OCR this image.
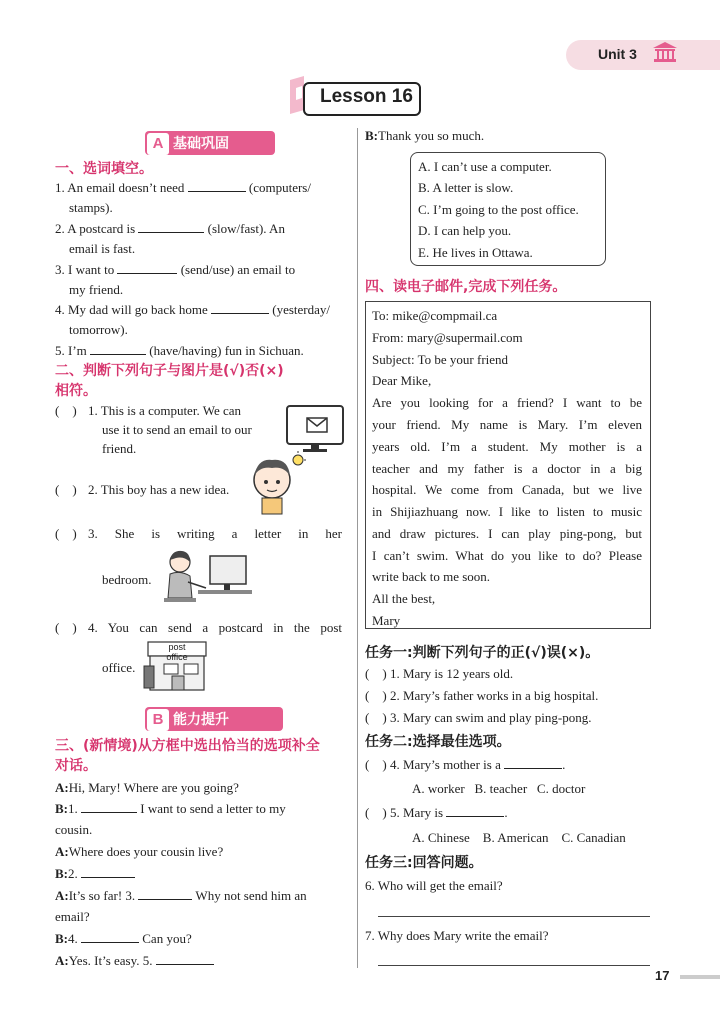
Unit 3
Lesson 16
A 基础巩固
一、选词填空。
1. An email doesn’t need	(computers/
stamps).
2. A postcard is	(slow/fast). An
email is fast.
3. I want to	(send/use) an email to
my friend.
4. My dad will go back home	(yesterday/
tomorrow).
5. I’m	(have/having) fun in Sichuan.
二、判断下列句子与图片是(√)否(×)
相符。
( ) 1. This is a computer. We can
use it to send an email to our
friend.
( ) 2. This boy has a new idea.
( ) 3. She is writing a letter in her
bedroom.
( ) 4. You can send a postcard in the post
office.
post office
B 能力提升
三、(新情境)从方框中选出恰当的选项补全
对话。
A:Hi, Mary! Where are you going?
B:1.	I want to send a letter to my
cousin.
A:Where does your cousin live?
B:2.
A:It’s so far! 3.	Why not send him an
email?
B:4.	Can you?
A:Yes. It’s easy. 5.
B:Thank you so much.
A. I can’t use a computer.
B. A letter is slow.
C. I’m going to the post office.
D. I can help you.
E. He lives in Ottawa.
四、读电子邮件,完成下列任务。
To: mike@compmail.ca
From: mary@supermail.com
Subject: To be your friend
Dear Mike,
Are you looking for a friend? I want to be
your friend. My name is Mary. I’m eleven
years old. I’m a student. My mother is a
teacher and my father is a doctor in a big
hospital. We come from Canada, but we live
in Shijiazhuang now. I like to listen to music
and draw pictures. I can play ping-pong, but
I can’t swim. What do you like to do? Please
write back to me soon.
All the best,
Mary
任务一:判断下列句子的正(√)误(×)。
( ) 1. Mary is 12 years old.
( ) 2. Mary’s father works in a big hospital.
( ) 3. Mary can swim and play ping-pong.
任务二:选择最佳选项。
( ) 4. Mary’s mother is a	.
A. worker B. teacher C. doctor
( ) 5. Mary is	.
A. Chinese B. American C. Canadian
任务三:回答问题。
6. Who will get the email?
7. Why does Mary write the email?
17
